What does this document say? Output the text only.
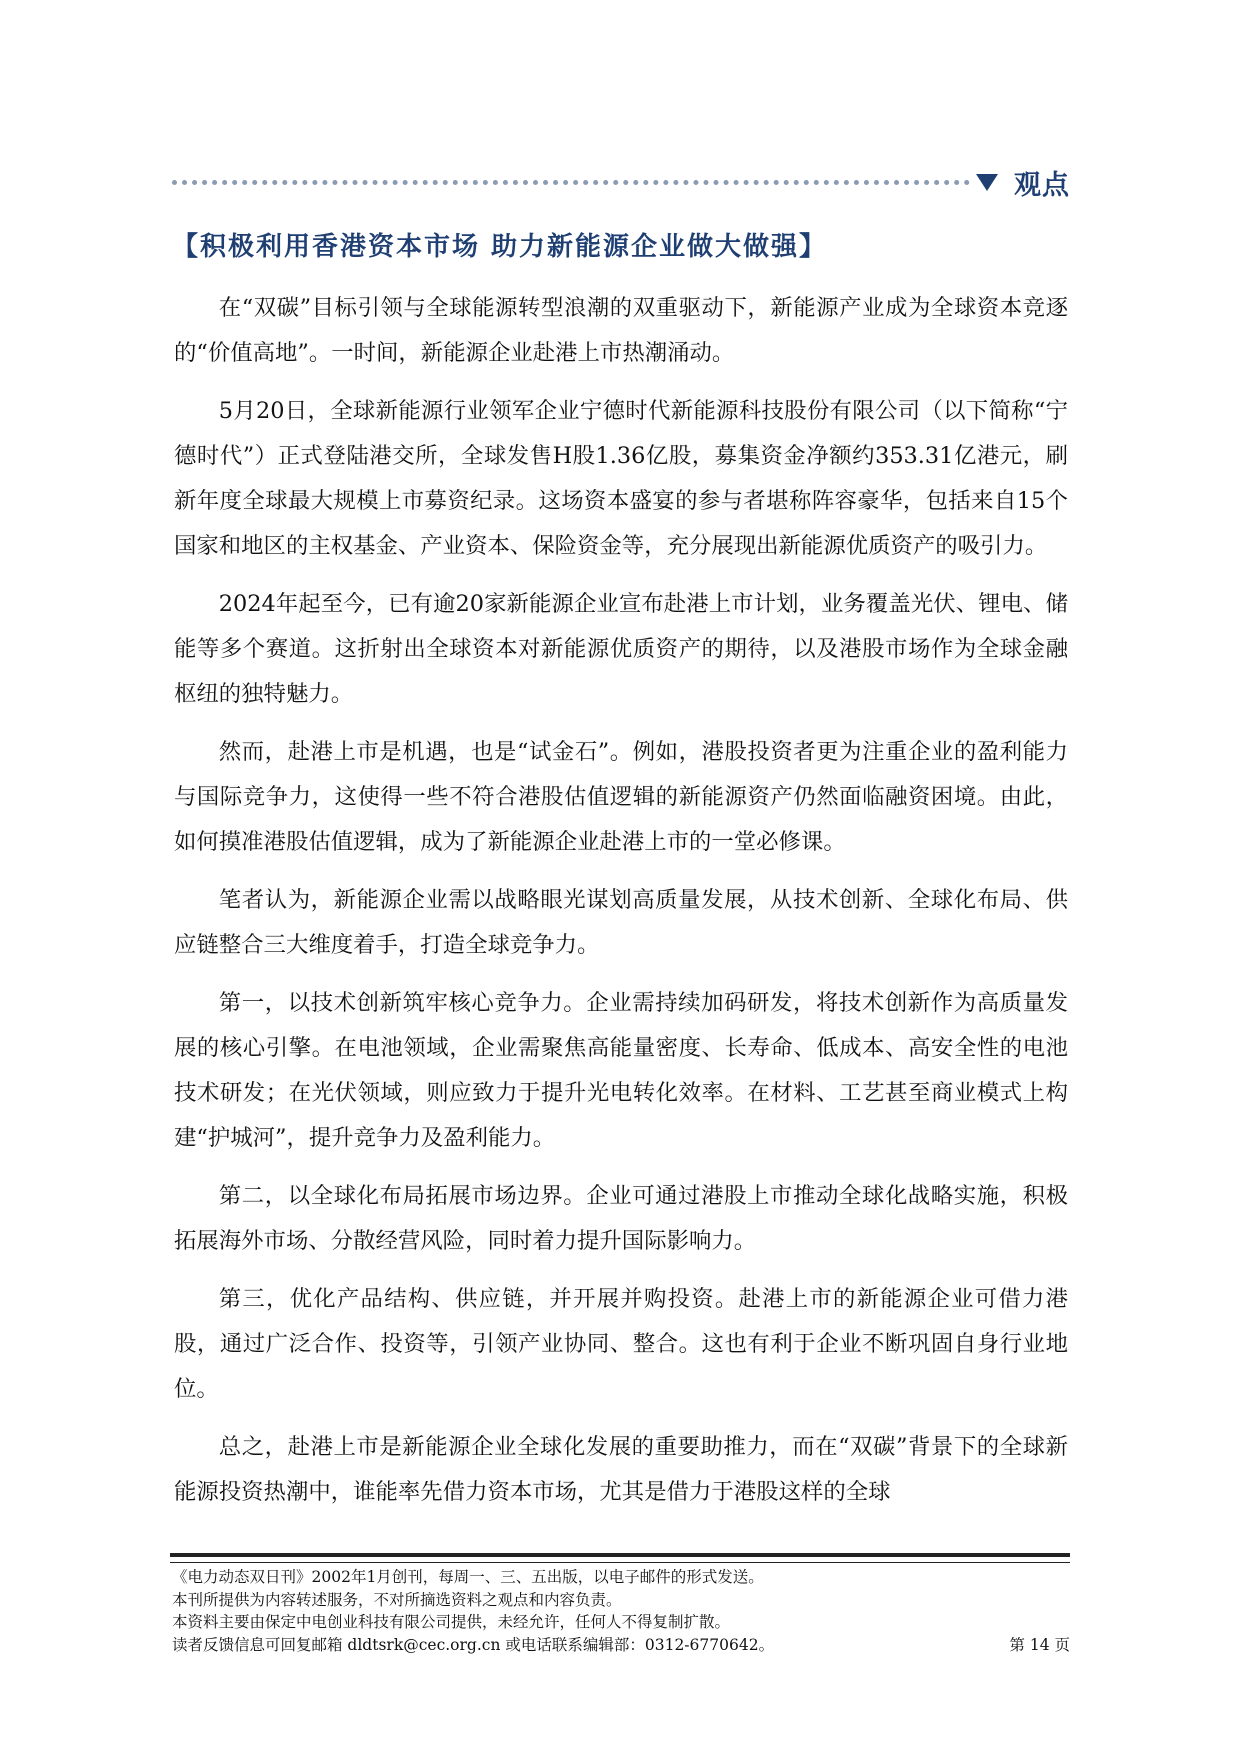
观点
【积极利用香港资本市场 助力新能源企业做大做强】

在“双碳”目标引领与全球能源转型浪潮的双重驱动下，新能源产业成为全球资本竞逐的“价值高地”。一时间，新能源企业赴港上市热潮涌动。

5月20日，全球新能源行业领军企业宁德时代新能源科技股份有限公司（以下简称“宁德时代”）正式登陆港交所，全球发售H股1.36亿股，募集资金净额约353.31亿港元，刷新年度全球最大规模上市募资纪录。这场资本盛宴的参与者堪称阵容豪华，包括来自15个国家和地区的主权基金、产业资本、保险资金等，充分展现出新能源优质资产的吸引力。

2024年起至今，已有逾20家新能源企业宣布赴港上市计划，业务覆盖光伏、锂电、储能等多个赛道。这折射出全球资本对新能源优质资产的期待，以及港股市场作为全球金融枢纽的独特魅力。

然而，赴港上市是机遇，也是“试金石”。例如，港股投资者更为注重企业的盈利能力与国际竞争力，这使得一些不符合港股估值逻辑的新能源资产仍然面临融资困境。由此，如何摸准港股估值逻辑，成为了新能源企业赴港上市的一堂必修课。

笔者认为，新能源企业需以战略眼光谋划高质量发展，从技术创新、全球化布局、供应链整合三大维度着手，打造全球竞争力。

第一，以技术创新筑牢核心竞争力。企业需持续加码研发，将技术创新作为高质量发展的核心引擎。在电池领域，企业需聚焦高能量密度、长寿命、低成本、高安全性的电池技术研发；在光伏领域，则应致力于提升光电转化效率。在材料、工艺甚至商业模式上构建“护城河”，提升竞争力及盈利能力。

第二，以全球化布局拓展市场边界。企业可通过港股上市推动全球化战略实施，积极拓展海外市场、分散经营风险，同时着力提升国际影响力。

第三，优化产品结构、供应链，并开展并购投资。赴港上市的新能源企业可借力港股，通过广泛合作、投资等，引领产业协同、整合。这也有利于企业不断巩固自身行业地位。

总之，赴港上市是新能源企业全球化发展的重要助推力，而在“双碳”背景下的全球新能源投资热潮中，谁能率先借力资本市场，尤其是借力于港股这样的全球

《电力动态双日刊》2002年1月创刊，每周一、三、五出版，以电子邮件的形式发送。
本刊所提供为内容转述服务，不对所摘选资料之观点和内容负责。
本资料主要由保定中电创业科技有限公司提供，未经允许，任何人不得复制扩散。
读者反馈信息可回复邮箱 dldtsrk@cec.org.cn 或电话联系编辑部：0312-6770642。	第 14 页
